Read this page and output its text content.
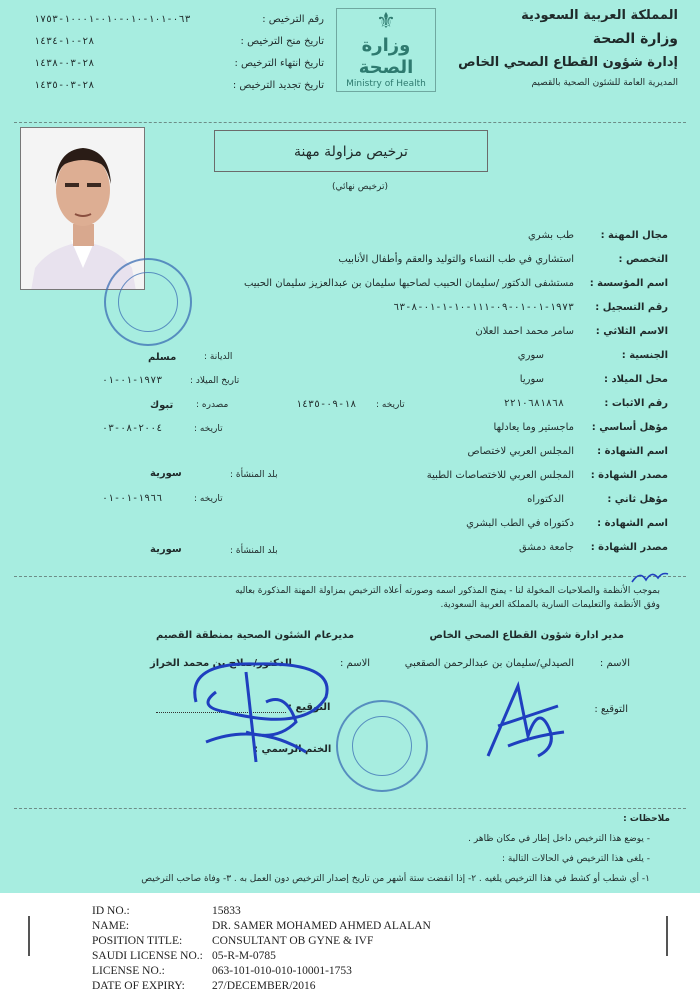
المملكة العربية السعودية
وزارة الصحة
إدارة شؤون القطاع الصحي الخاص
المديرية العامة للشئون الصحية بالقصيم
⚜
وزارة الصحة
Ministry of Health
رقم الترخيص :
٠٦٣-١٠١-٠١٠-٠١٠-١٠٠٠١-١٧٥٣
تاريخ منح الترخيص :
٢٨-١٠-١٤٣٤
تاريخ انتهاء الترخيص :
٢٨-٠٣-١٤٣٨
تاريخ تجديد الترخيص :
٢٨-٠٣-١٤٣٥
ترخيص مزاولة مهنة
(ترخيص نهائي)
مجال المهنة :
طب بشري
التخصص :
استشاري في طب النساء والتوليد والعقم وأطفال الأنابيب
اسم المؤسسة :
مستشفى الدكتور /سليمان الحبيب لصاحبها سليمان بن عبدالعزيز سليمان الحبيب
رقم التسجيل :
١٩٧٣-٠١-٠١-٠٩-١١١-١٠-١-٠١-٨-٦٣
الاسم الثلاثي :
سامر محمد احمد العلان
الجنسية :
سوري
محل الميلاد :
سوريا
رقم الاثبات :
٢٢١٠٦٨١٨٦٨
مؤهل أساسي :
ماجستير وما يعادلها
اسم الشهادة :
المجلس العربي لاختصاص
مصدر الشهادة :
المجلس العربي للاختصاصات الطبية
مؤهل ثاني :
الدكتوراه
اسم الشهادة :
دكتوراه في الطب البشري
مصدر الشهادة :
جامعة دمشق
الديانة :
مسلم
تاريخ الميلاد :
١٩٧٣-٠١-٠١
تاريخه :
١٨-٠٩-١٤٣٥
مصدره :
تبوك
تاريخه :
٢٠٠٤-٠٨-٠٣
بلد المنشأة :
سورية
تاريخه :
١٩٦٦-٠١-٠١
بلد المنشأة :
سورية
بموجب الأنظمة والصلاحيات المخولة لنا - يمنح المذكور اسمه وصورته أعلاه الترخيص بمزاولة المهنة المذكورة بعاليه وفق الأنظمة والتعليمات السارية بالمملكة العربية السعودية.
مدير ادارة شؤون القطاع الصحي الخاص
الاسم :
الصيدلي/سليمان بن عبدالرحمن الصقعبي
التوقيع :
مديرعام الشئون الصحية بمنطقة القصيم
الاسم :
الدكتور/صلاح بن محمد الخراز
التوقيع :
الختم الرسمي :
ملاحظات :

- يوضع هذا الترخيص داخل إطار في مكان ظاهر .

- يلغى هذا الترخيص في الحالات التالية :

١- أي شطب أو كشط في هذا الترخيص يلغيه . ٢- إذا انقضت ستة أشهر من تاريخ إصدار الترخيص دون العمل به . ٣- وفاة صاحب الترخيص

ID NO.:	15833
NAME:	DR. SAMER MOHAMED AHMED ALALAN
POSITION TITLE:	CONSULTANT OB GYNE & IVF
SAUDI LICENSE NO.: 05-R-M-0785
LICENSE NO.:	063-101-010-010-10001-1753
DATE OF EXPIRY: 27/DECEMBER/2016
